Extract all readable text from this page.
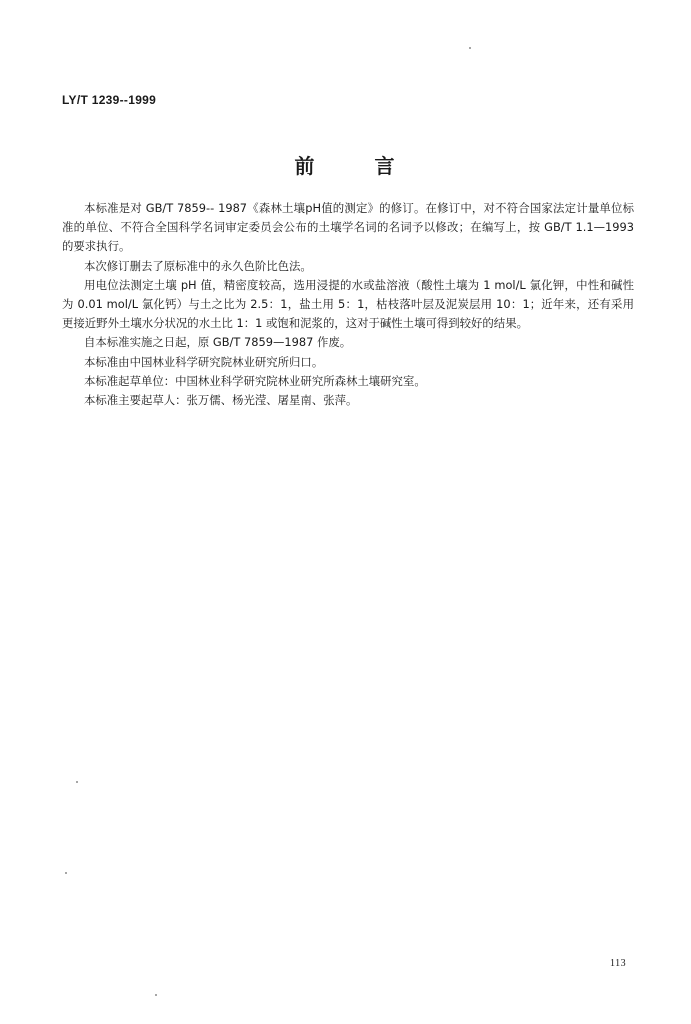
LY/T 1239--1999
前	言

本标准是对 GB/T 7859-- 1987《森林土壤pH值的测定》的修订。在修订中，对不符合国家法定计量单位标准的单位、不符合全国科学名词审定委员会公布的土壤学名词的名词予以修改；在编写上，按 GB/T 1.1—1993 的要求执行。

本次修订删去了原标准中的永久色阶比色法。

用电位法测定土壤 pH 值，精密度较高，选用浸提的水或盐溶液（酸性土壤为 1 mol/L 氯化钾，中性和碱性为 0.01 mol/L 氯化钙）与土之比为 2.5：1，盐土用 5：1，枯枝落叶层及泥炭层用 10：1；近年来，还有采用更接近野外土壤水分状况的水土比 1：1 或饱和泥浆的，这对于碱性土壤可得到较好的结果。

自本标准实施之日起，原 GB/T 7859—1987 作废。

本标准由中国林业科学研究院林业研究所归口。

本标准起草单位：中国林业科学研究院林业研究所森林土壤研究室。

本标准主要起草人：张万儒、杨光滢、屠星南、张萍。

113
